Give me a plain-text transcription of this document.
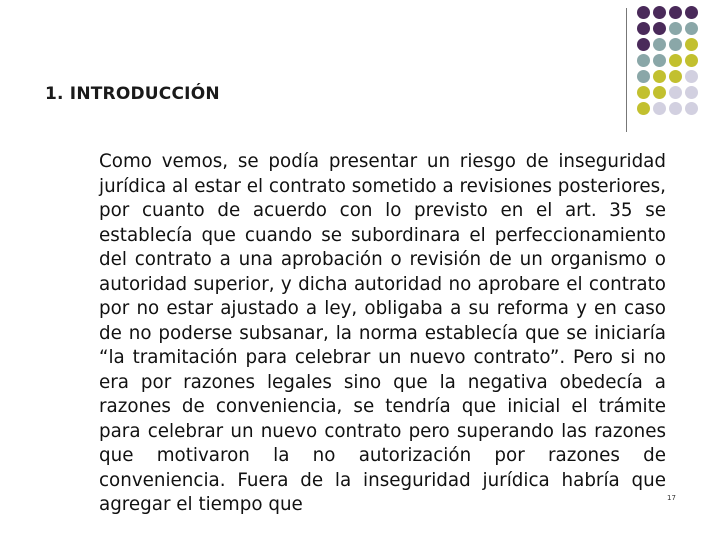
1. INTRODUCCIÓN
Como vemos, se podía presentar un riesgo de inseguridad jurídica al estar el contrato sometido a revisiones posteriores, por cuanto de acuerdo con lo previsto en el art. 35 se establecía que cuando se subordinara el perfeccionamiento del contrato a una aprobación o revisión de un organismo o autoridad superior, y dicha autoridad no aprobare el contrato por no estar ajustado a ley, obligaba a su reforma y en caso de no poderse subsanar, la norma establecía que se iniciaría “la tramitación para celebrar un nuevo contrato”. Pero si no era por razones legales sino que la negativa obedecía a razones de conveniencia, se tendría que inicial el trámite para celebrar un nuevo contrato pero superando las razones que motivaron la no autorización por razones de conveniencia. Fuera de la inseguridad jurídica habría que agregar el tiempo que	17
